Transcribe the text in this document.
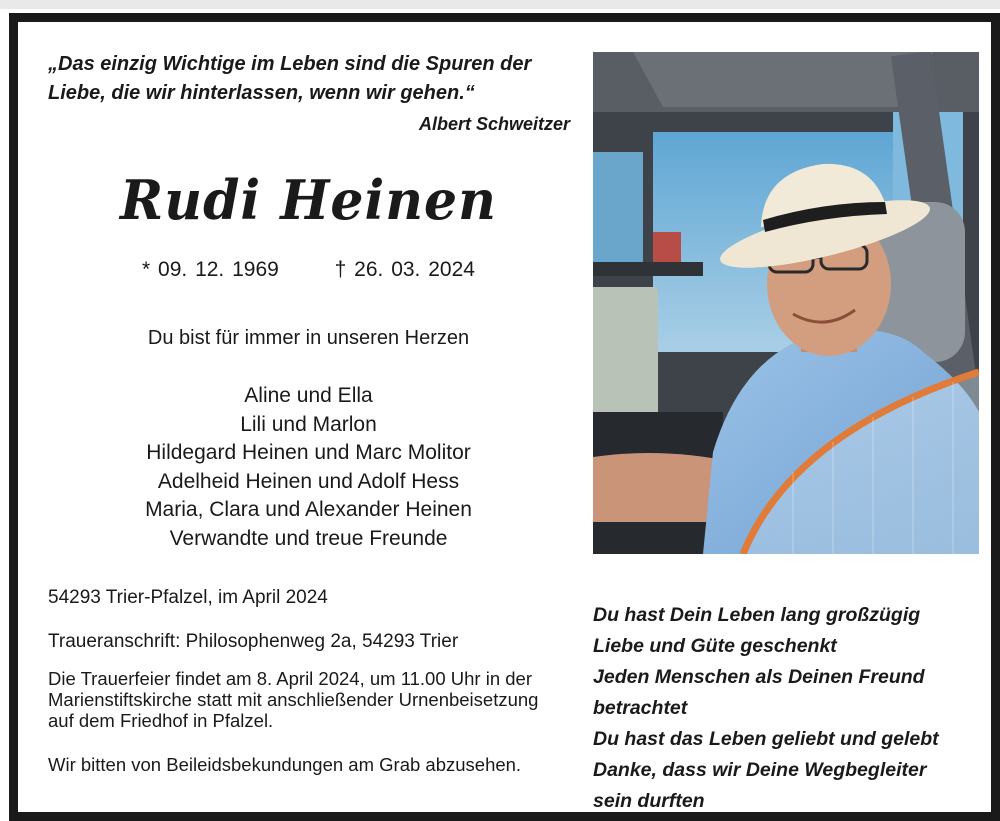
„Das einzig Wichtige im Leben sind die Spuren der Liebe, die wir hinterlassen, wenn wir gehen.“
Albert Schweitzer
Rudi Heinen
* 09. 12. 1969	† 26. 03. 2024
Du bist für immer in unseren Herzen
Aline und Ella
Lili und Marlon
Hildegard Heinen und Marc Molitor
Adelheid Heinen und Adolf Hess
Maria, Clara und Alexander Heinen
Verwandte und treue Freunde
54293 Trier-Pfalzel, im April 2024
Traueranschrift: Philosophenweg 2a, 54293 Trier
Die Trauerfeier findet am 8. April 2024, um 11.00 Uhr in der Marienstiftskirche statt mit anschließender Urnenbeisetzung auf dem Friedhof in Pfalzel.
Wir bitten von Beileidsbekundungen am Grab abzusehen.
Du hast Dein Leben lang großzügig
Liebe und Güte geschenkt
Jeden Menschen als Deinen Freund
betrachtet
Du hast das Leben geliebt und gelebt
Danke, dass wir Deine Wegbegleiter
sein durften
